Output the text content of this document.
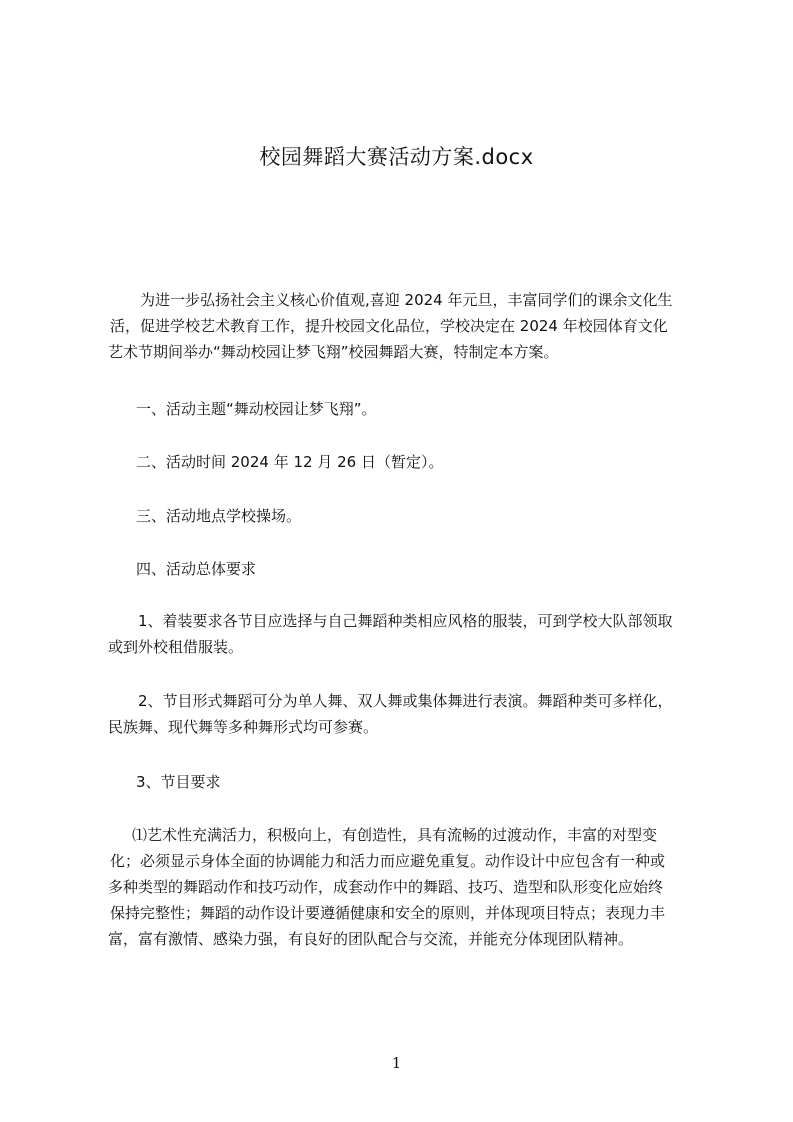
校园舞蹈大赛活动方案.docx
为进一步弘扬社会主义核心价值观,喜迎 2024 年元旦，丰富同学们的课余文化生
活，促进学校艺术教育工作，提升校园文化品位，学校决定在 2024 年校园体育文化
艺术节期间举办“舞动校园让梦飞翔”校园舞蹈大赛，特制定本方案。
一、活动主题“舞动校园让梦飞翔”。
二、活动时间 2024 年 12 月 26 日（暂定）。
三、活动地点学校操场。
四、活动总体要求
1、着装要求各节目应选择与自己舞蹈种类相应风格的服装，可到学校大队部领取
或到外校租借服装。
2、节目形式舞蹈可分为单人舞、双人舞或集体舞进行表演。舞蹈种类可多样化，
民族舞、现代舞等多种舞形式均可参赛。
3、节目要求
⑴艺术性充满活力，积极向上，有创造性，具有流畅的过渡动作，丰富的对型变
化；必须显示身体全面的协调能力和活力而应避免重复。动作设计中应包含有一种或
多种类型的舞蹈动作和技巧动作，成套动作中的舞蹈、技巧、造型和队形变化应始终
保持完整性；舞蹈的动作设计要遵循健康和安全的原则，并体现项目特点；表现力丰
富，富有激情、感染力强，有良好的团队配合与交流，并能充分体现团队精神。
1
